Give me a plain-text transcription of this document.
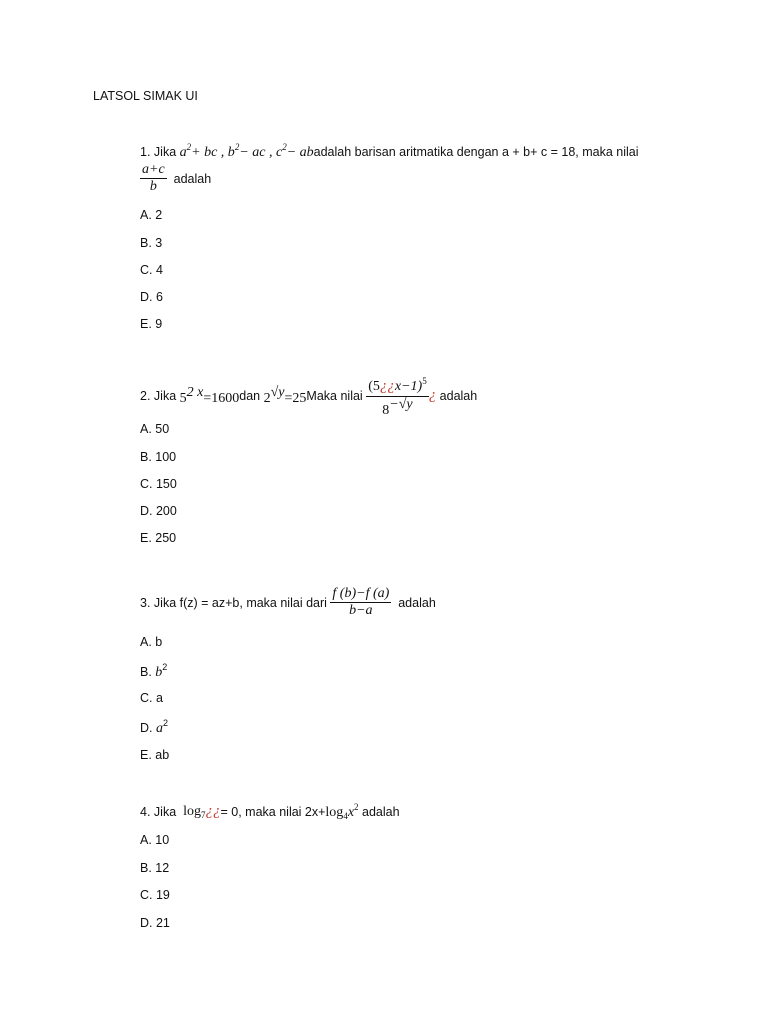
LATSOL SIMAK UI
1.
Jika
$a^2+$ bc , $b^2-$ ac , $c^2-$ ab adalah barisan aritmatika dengan a + b+ c = 18, maka nilai
$\frac{a+c}{b}$
adalah
A. 2
B. 3
C. 4
D. 6
E. 9
2.
Jika
$5^{2 x}=1600$ dan
$2^{√y}=25$ Maka nilai
$\frac{(5¿¿x-1)^5}{8^{-√y}}$ ¿
adalah
A. 50
B. 100
C. 150
D. 200
E. 250
3.
Jika f(z) = az+b, maka nilai dari
$\frac{f (b)-f (a)}{b-a}$
adalah
A. b
B. $b^2$
C. a
D. $a^2$
E. ab
4.
Jika
$\log_7$ ¿¿ = 0, maka nilai $2x+ \log_4x^2$
adalah
A. 10
B. 12
C. 19
D. 21
